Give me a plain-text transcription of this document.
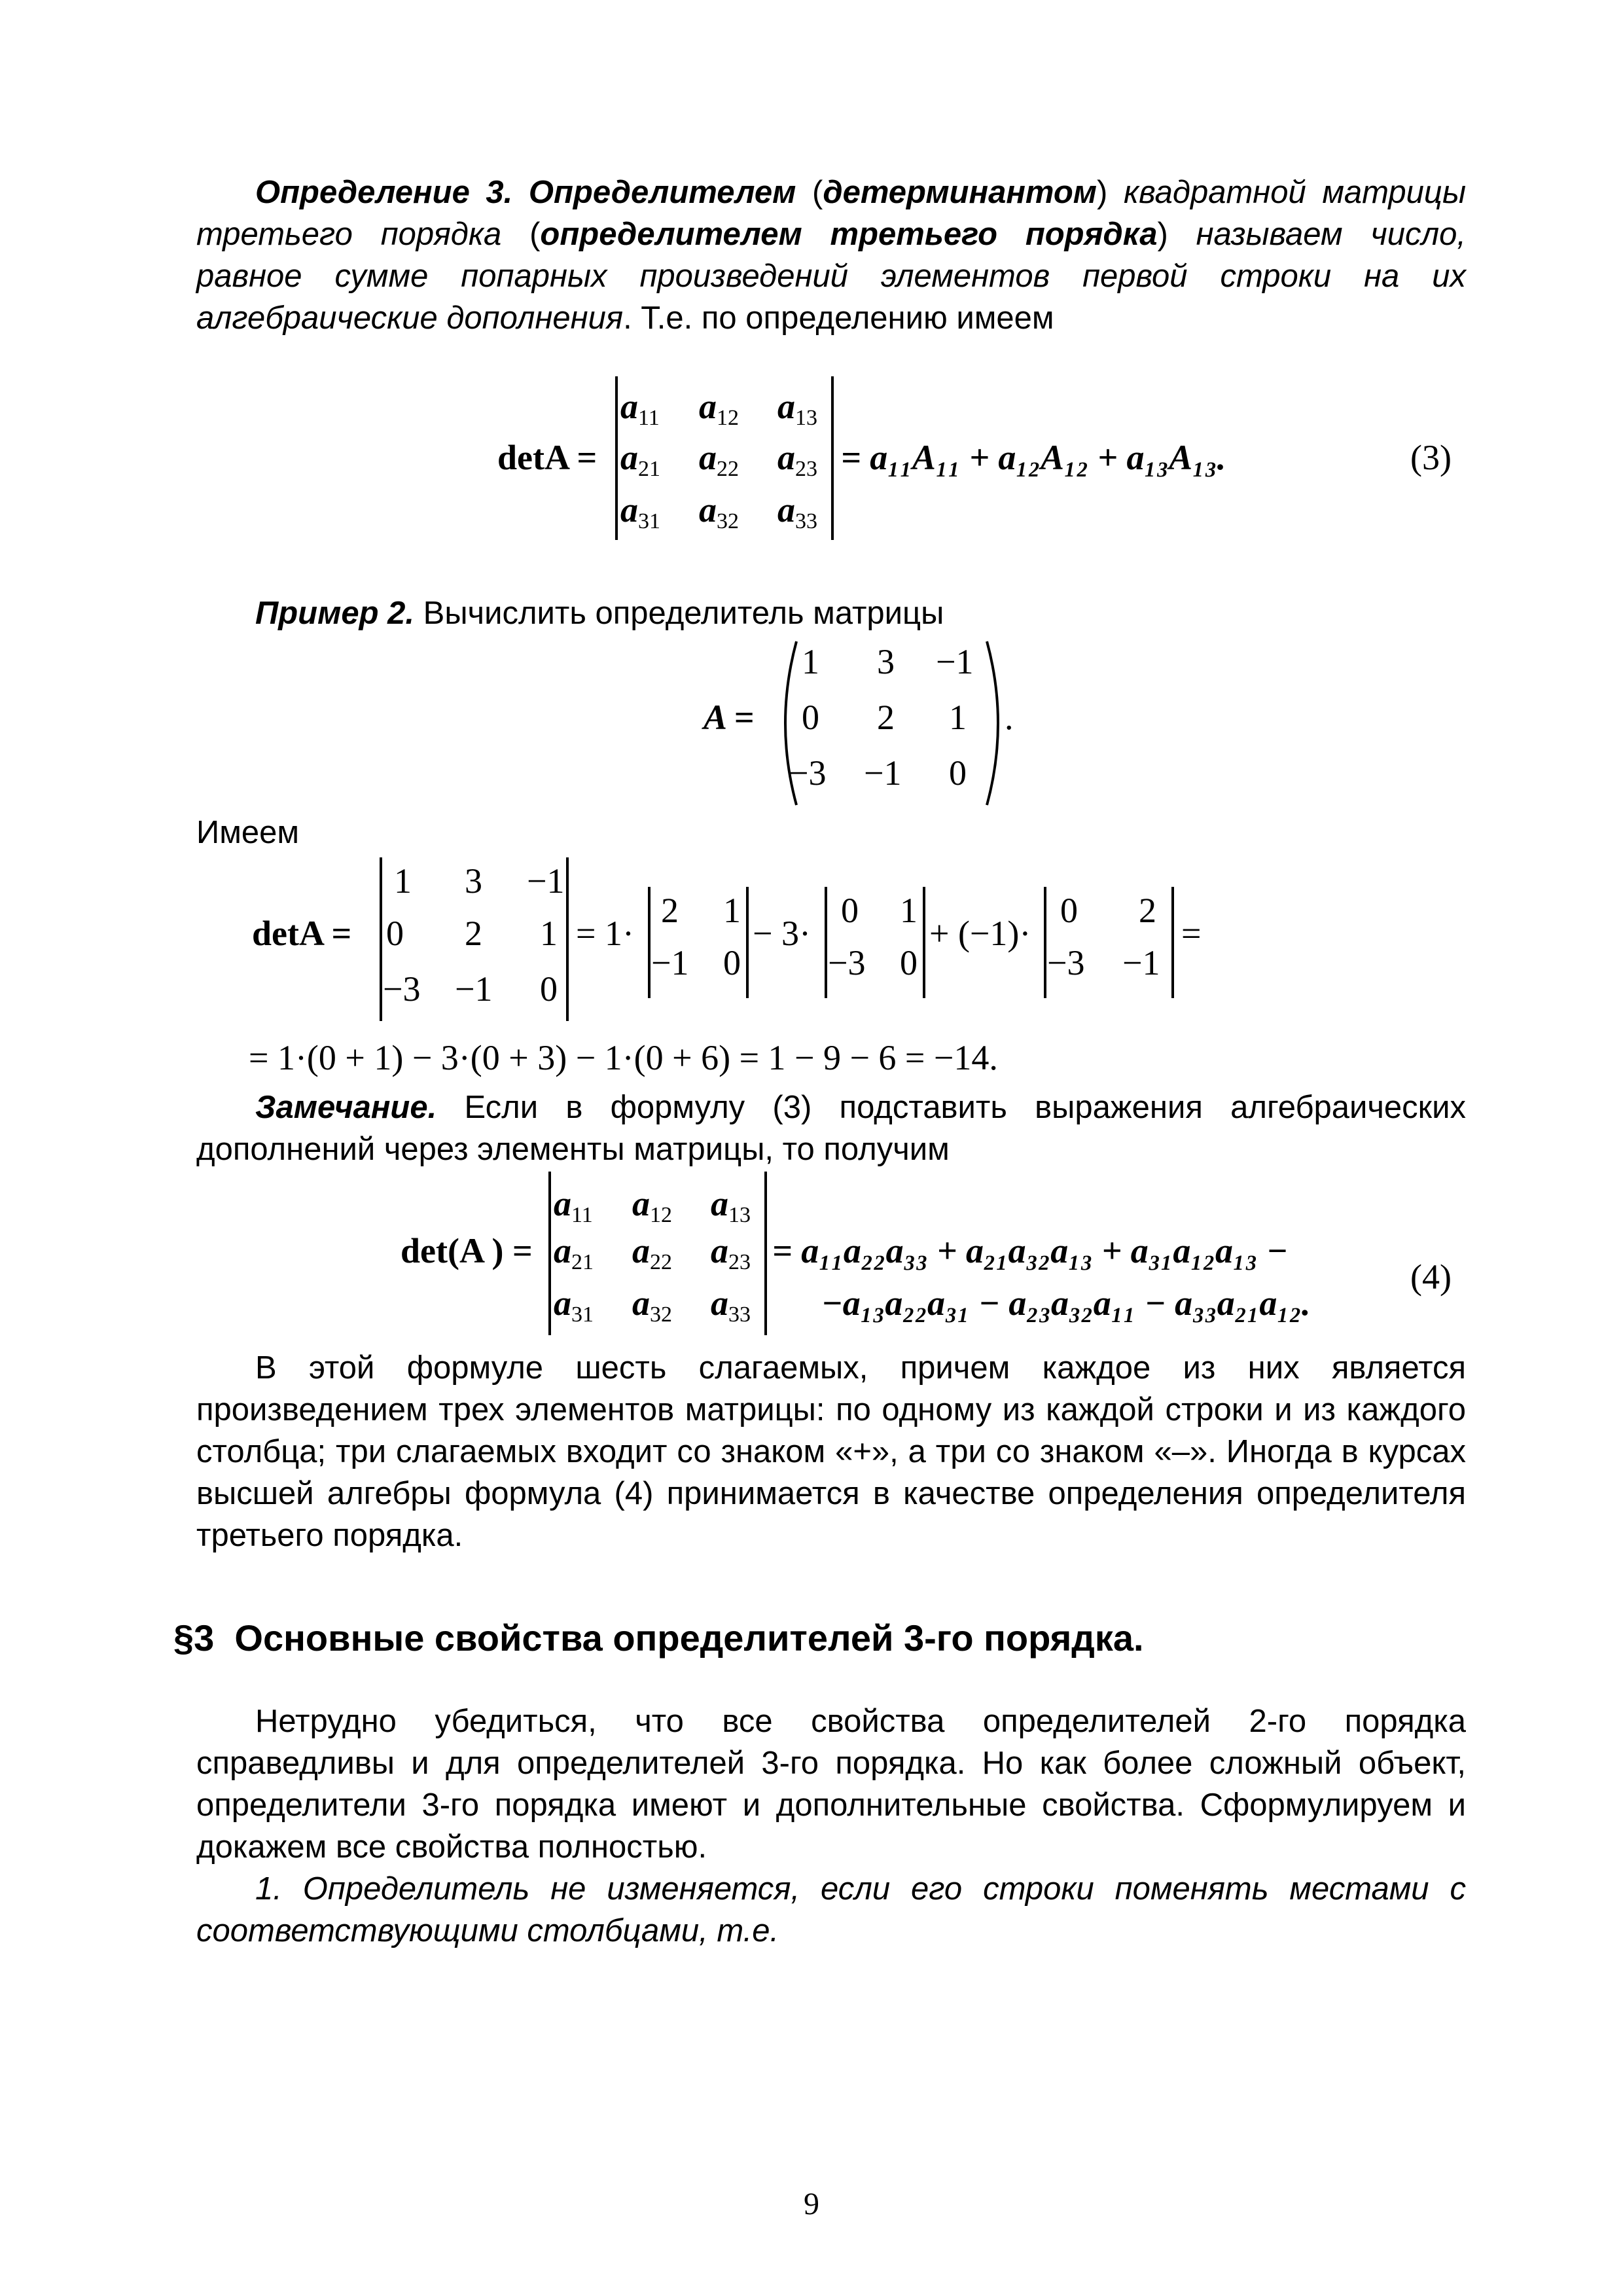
Определение 3. Определителем (детерминантом) квадратной матрицы третьего порядка (определителем третьего порядка) называем число, равное сумме попарных произведений элементов первой строки на их алгебраические дополнения. Т.е. по определению имеем

detA =
$a_{11}$ $a_{12}$ $a_{13}$
$a_{21}$ $a_{22}$ $a_{23}$
$a_{31}$ $a_{32}$ $a_{33}$
= a₁₁A₁₁ + a₁₂A₁₂ + a₁₃A₁₃.	(3)

Пример 2. Вычислить определитель матрицы

A =
1 3 −1
0 2 1
−3 −1 0
.

Имеем

detA =
1 3 −1
0 2 1
−3 −1 0
= 1·
2 1
−1 0
− 3·
0 1
−3 0
+ (−1)·
0 2
−3 −1
=
= 1·(0 + 1) − 3·(0 + 3) − 1·(0 + 6) = 1 − 9 − 6 = −14.

Замечание. Если в формулу (3) подставить выражения алгебраических дополнений через элементы матрицы, то получим

det(A ) =
$a_{11}$ $a_{12}$ $a_{13}$
$a_{21}$ $a_{22}$ $a_{23}$
$a_{31}$ $a_{32}$ $a_{33}$
= a₁₁a₂₂a₃₃ + a₂₁a₃₂a₁₃ + a₃₁a₁₂a₁₃ −
−a₁₃a₂₂a₃₁ − a₂₃a₃₂a₁₁ − a₃₃a₂₁a₁₂.
(4)

В этой формуле шесть слагаемых, причем каждое из них является произведением трех элементов матрицы: по одному из каждой строки и из каждого столбца; три слагаемых входит со знаком «+», а три со знаком «–». Иногда в курсах высшей алгебры формула (4) принимается в качестве определения определителя третьего порядка.

§3  Основные свойства определителей 3-го порядка.

Нетрудно убедиться, что все свойства определителей 2-го порядка справедливы и для определителей 3-го порядка. Но как более сложный объект, определители 3-го порядка имеют и дополнительные свойства. Сформулируем и докажем все свойства полностью.

1. Определитель не изменяется, если его строки поменять местами с соответствующими столбцами, т.е.

9
